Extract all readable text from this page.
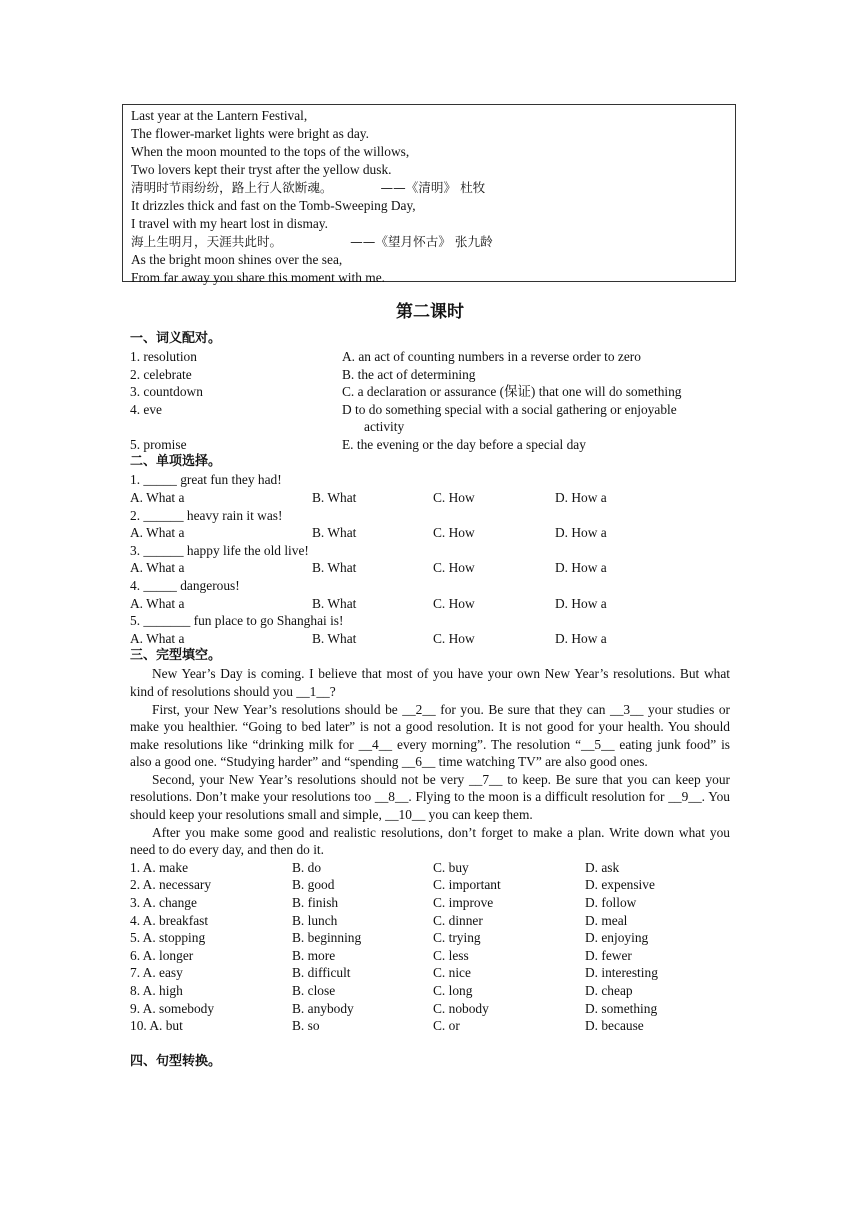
Last year at the Lantern Festival,
The flower-market lights were bright as day.
When the moon mounted to the tops of the willows,
Two lovers kept their tryst after the yellow dusk.
清明时节雨纷纷，路上行人欲断魂。	——《清明》 杜牧
It drizzles thick and fast on the Tomb-Sweeping Day,
I travel with my heart lost in dismay.
海上生明月，天涯共此时。	——《望月怀古》 张九龄
As the bright moon shines over the sea,
From far away you share this moment with me.
第二课时
一、词义配对。
1. resolution	A. an act of counting numbers in a reverse order to zero
2. celebrate	B. the act of determining
3. countdown	C. a declaration or assurance (保证) that one will do something
4. eve	D to do something special with a social gathering or enjoyable
activity
5. promise	E. the evening or the day before a special day
二、单项选择。
1. _____ great fun they had!
A. What a	B. What	C. How	D. How a
2. ______ heavy rain it was!
A. What a	B. What	C. How	D. How a
3. ______ happy life the old live!
A. What a	B. What	C. How	D. How a
4. _____ dangerous!
A. What a	B. What	C. How	D. How a
5. _______ fun place to go Shanghai is!
A. What a	B. What	C. How	D. How a
三、完型填空。

New Year’s Day is coming. I believe that most of you have your own New Year’s resolutions. But what kind of resolutions should you __1__?

First, your New Year’s resolutions should be __2__ for you. Be sure that they can __3__ your studies or make you healthier. “Going to bed later” is not a good resolution. It is not good for your health. You should make resolutions like “drinking milk for __4__ every morning”. The resolution “__5__ eating junk food” is also a good one. “Studying harder” and “spending __6__ time watching TV” are also good ones.

Second, your New Year’s resolutions should not be very __7__ to keep. Be sure that you can keep your resolutions. Don’t make your resolutions too __8__. Flying to the moon is a difficult resolution for __9__. You should keep your resolutions small and simple, __10__ you can keep them.

After you make some good and realistic resolutions, don’t forget to make a plan. Write down what you need to do every day, and then do it.

1. A. make	B. do	C. buy	D. ask
2. A. necessary	B. good	C. important	D. expensive
3. A. change	B. finish	C. improve	D. follow
4. A. breakfast	B. lunch	C. dinner	D. meal
5. A. stopping	B. beginning	C. trying	D. enjoying
6. A. longer	B. more	C. less	D. fewer
7. A. easy	B. difficult	C. nice	D. interesting
8. A. high	B. close	C. long	D. cheap
9. A. somebody	B. anybody	C. nobody	D. something
10. A. but	B. so	C. or	D. because
四、句型转换。
